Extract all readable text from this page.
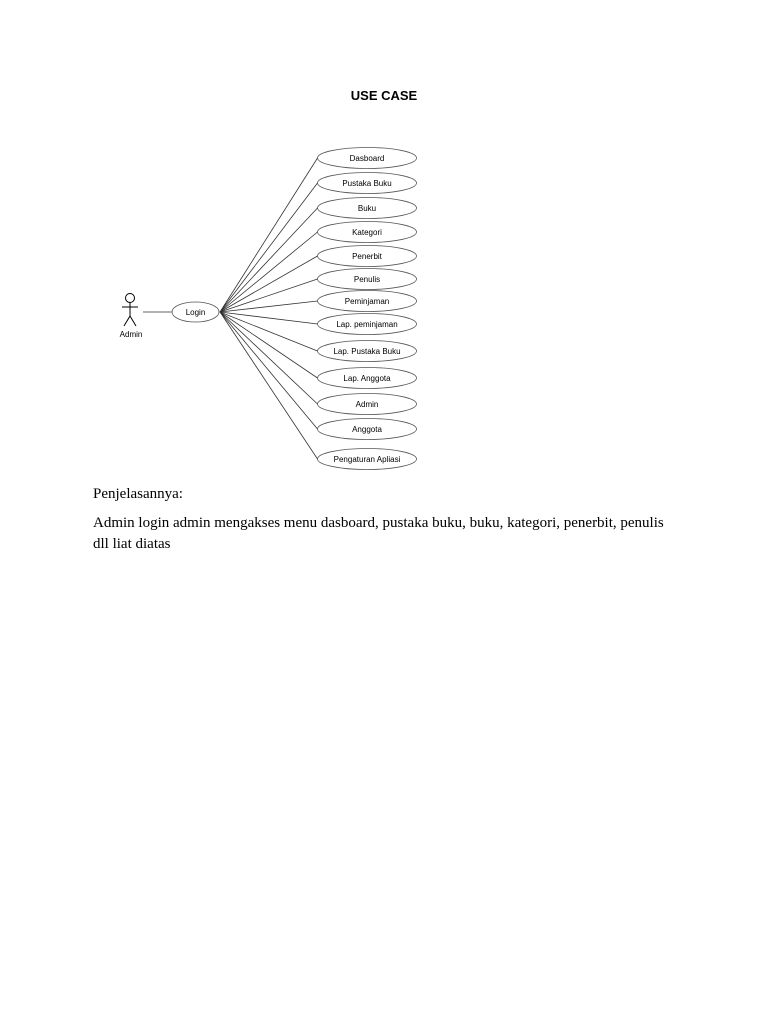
USE CASE
Admin
Login
Dasboard
Pustaka Buku
Buku
Kategori
Penerbit
Penulis
Peminjaman
Lap. peminjaman
Lap. Pustaka Buku
Lap. Anggota
Admin
Anggota
Pengaturan Apliasi
Penjelasannya:
Admin login admin mengakses menu dasboard, pustaka buku, buku, kategori, penerbit, penulis dll liat diatas
